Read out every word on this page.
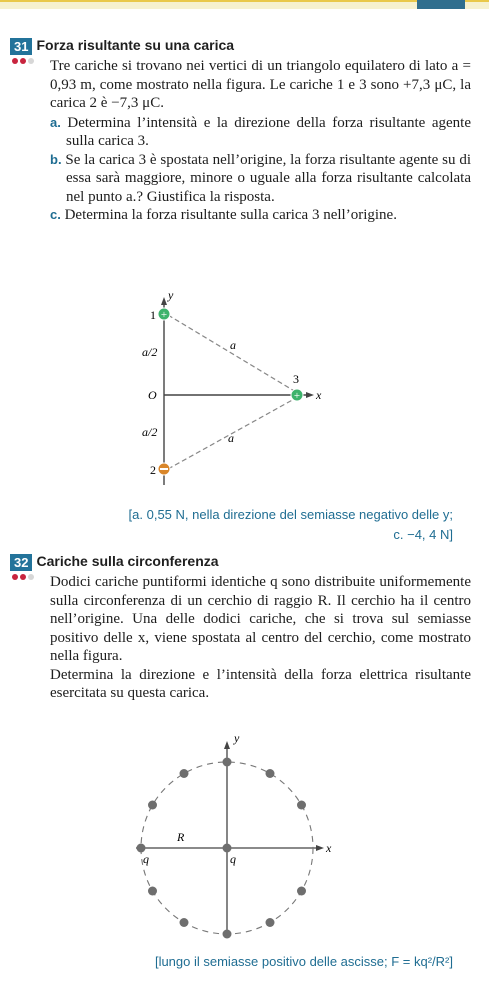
31 Forza risultante su una carica
Tre cariche si trovano nei vertici di un triangolo equilatero di lato a = 0,93 m, come mostrato nella figura. Le cariche 1 e 3 sono +7,3 μC, la carica 2 è −7,3 μC.
a. Determina l’intensità e la direzione della forza risultante agente sulla carica 3.
b. Se la carica 3 è spostata nell’origine, la forza risultante agente su di essa sarà maggiore, minore o uguale alla forza risultante calcolata nel punto a.? Giustifica la risposta.
c. Determina la forza risultante sulla carica 3 nell’origine.
+
+
y
x
O
a/2
a/2
a
a
1
2
3
[a. 0,55 N, nella direzione del semiasse negativo delle y;
c. −4, 4 N]
32 Cariche sulla circonferenza
Dodici cariche puntiformi identiche q sono distribuite uniformemente sulla circonferenza di un cerchio di raggio R. Il cerchio ha il centro nell’origine. Una delle dodici cariche, che si trova sul semiasse positivo delle x, viene spostata al centro del cerchio, come mostrato nella figura.
Determina la direzione e l’intensità della forza elettrica risultante esercitata su questa carica.
y
x
R
q	q
[lungo il semiasse positivo delle ascisse; F = kq²/R²]
